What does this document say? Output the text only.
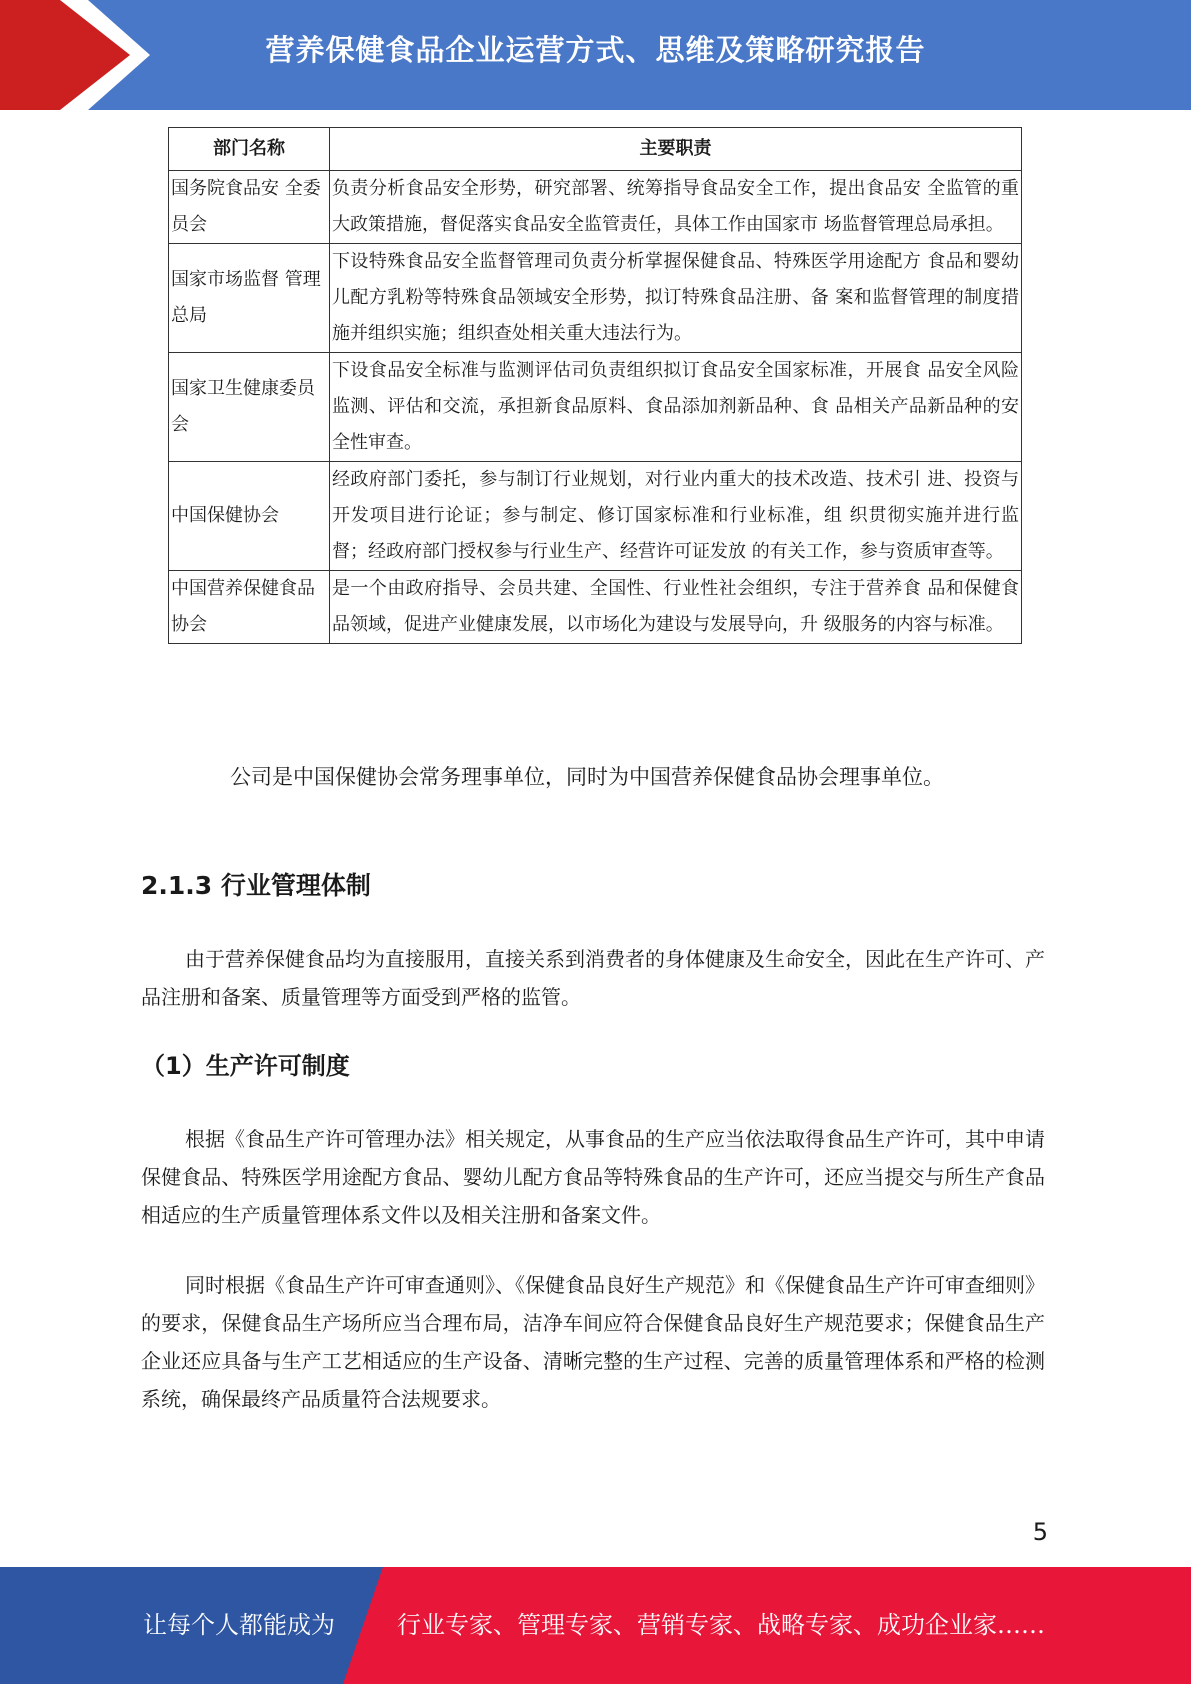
营养保健食品企业运营方式、思维及策略研究报告
部门名称	主要职责
国务院食品安 全委员会	负责分析食品安全形势，研究部署、统筹指导食品安全工作，提出食品安 全监管的重大政策措施，督促落实食品安全监管责任，具体工作由国家市 场监督管理总局承担。
国家市场监督 管理总局	下设特殊食品安全监督管理司负责分析掌握保健食品、特殊医学用途配方 食品和婴幼儿配方乳粉等特殊食品领域安全形势，拟订特殊食品注册、备 案和监督管理的制度措施并组织实施；组织查处相关重大违法行为。
国家卫生健康委员会	下设食品安全标准与监测评估司负责组织拟订食品安全国家标准，开展食 品安全风险监测、评估和交流，承担新食品原料、食品添加剂新品种、食 品相关产品新品种的安全性审查。
中国保健协会	经政府部门委托，参与制订行业规划，对行业内重大的技术改造、技术引 进、投资与开发项目进行论证；参与制定、修订国家标准和行业标准，组 织贯彻实施并进行监督；经政府部门授权参与行业生产、经营许可证发放 的有关工作，参与资质审查等。
中国营养保健食品协会	是一个由政府指导、会员共建、全国性、行业性社会组织，专注于营养食 品和保健食品领域，促进产业健康发展，以市场化为建设与发展导向，升 级服务的内容与标准。
公司是中国保健协会常务理事单位，同时为中国营养保健食品协会理事单位。
2.1.3 行业管理体制
由于营养保健食品均为直接服用，直接关系到消费者的身体健康及生命安全，因此在生产许可、产品注册和备案、质量管理等方面受到严格的监管。
（1）生产许可制度
根据《食品生产许可管理办法》相关规定，从事食品的生产应当依法取得食品生产许可，其中申请保健食品、特殊医学用途配方食品、婴幼儿配方食品等特殊食品的生产许可，还应当提交与所生产食品相适应的生产质量管理体系文件以及相关注册和备案文件。
同时根据《食品生产许可审查通则》、《保健食品良好生产规范》和《保健食品生产许可审查细则》的要求，保健食品生产场所应当合理布局，洁净车间应符合保健食品良好生产规范要求；保健食品生产企业还应具备与生产工艺相适应的生产设备、清晰完整的生产过程、完善的质量管理体系和严格的检测系统，确保最终产品质量符合法规要求。
5
让每个人都能成为	行业专家、管理专家、营销专家、战略专家、成功企业家……
